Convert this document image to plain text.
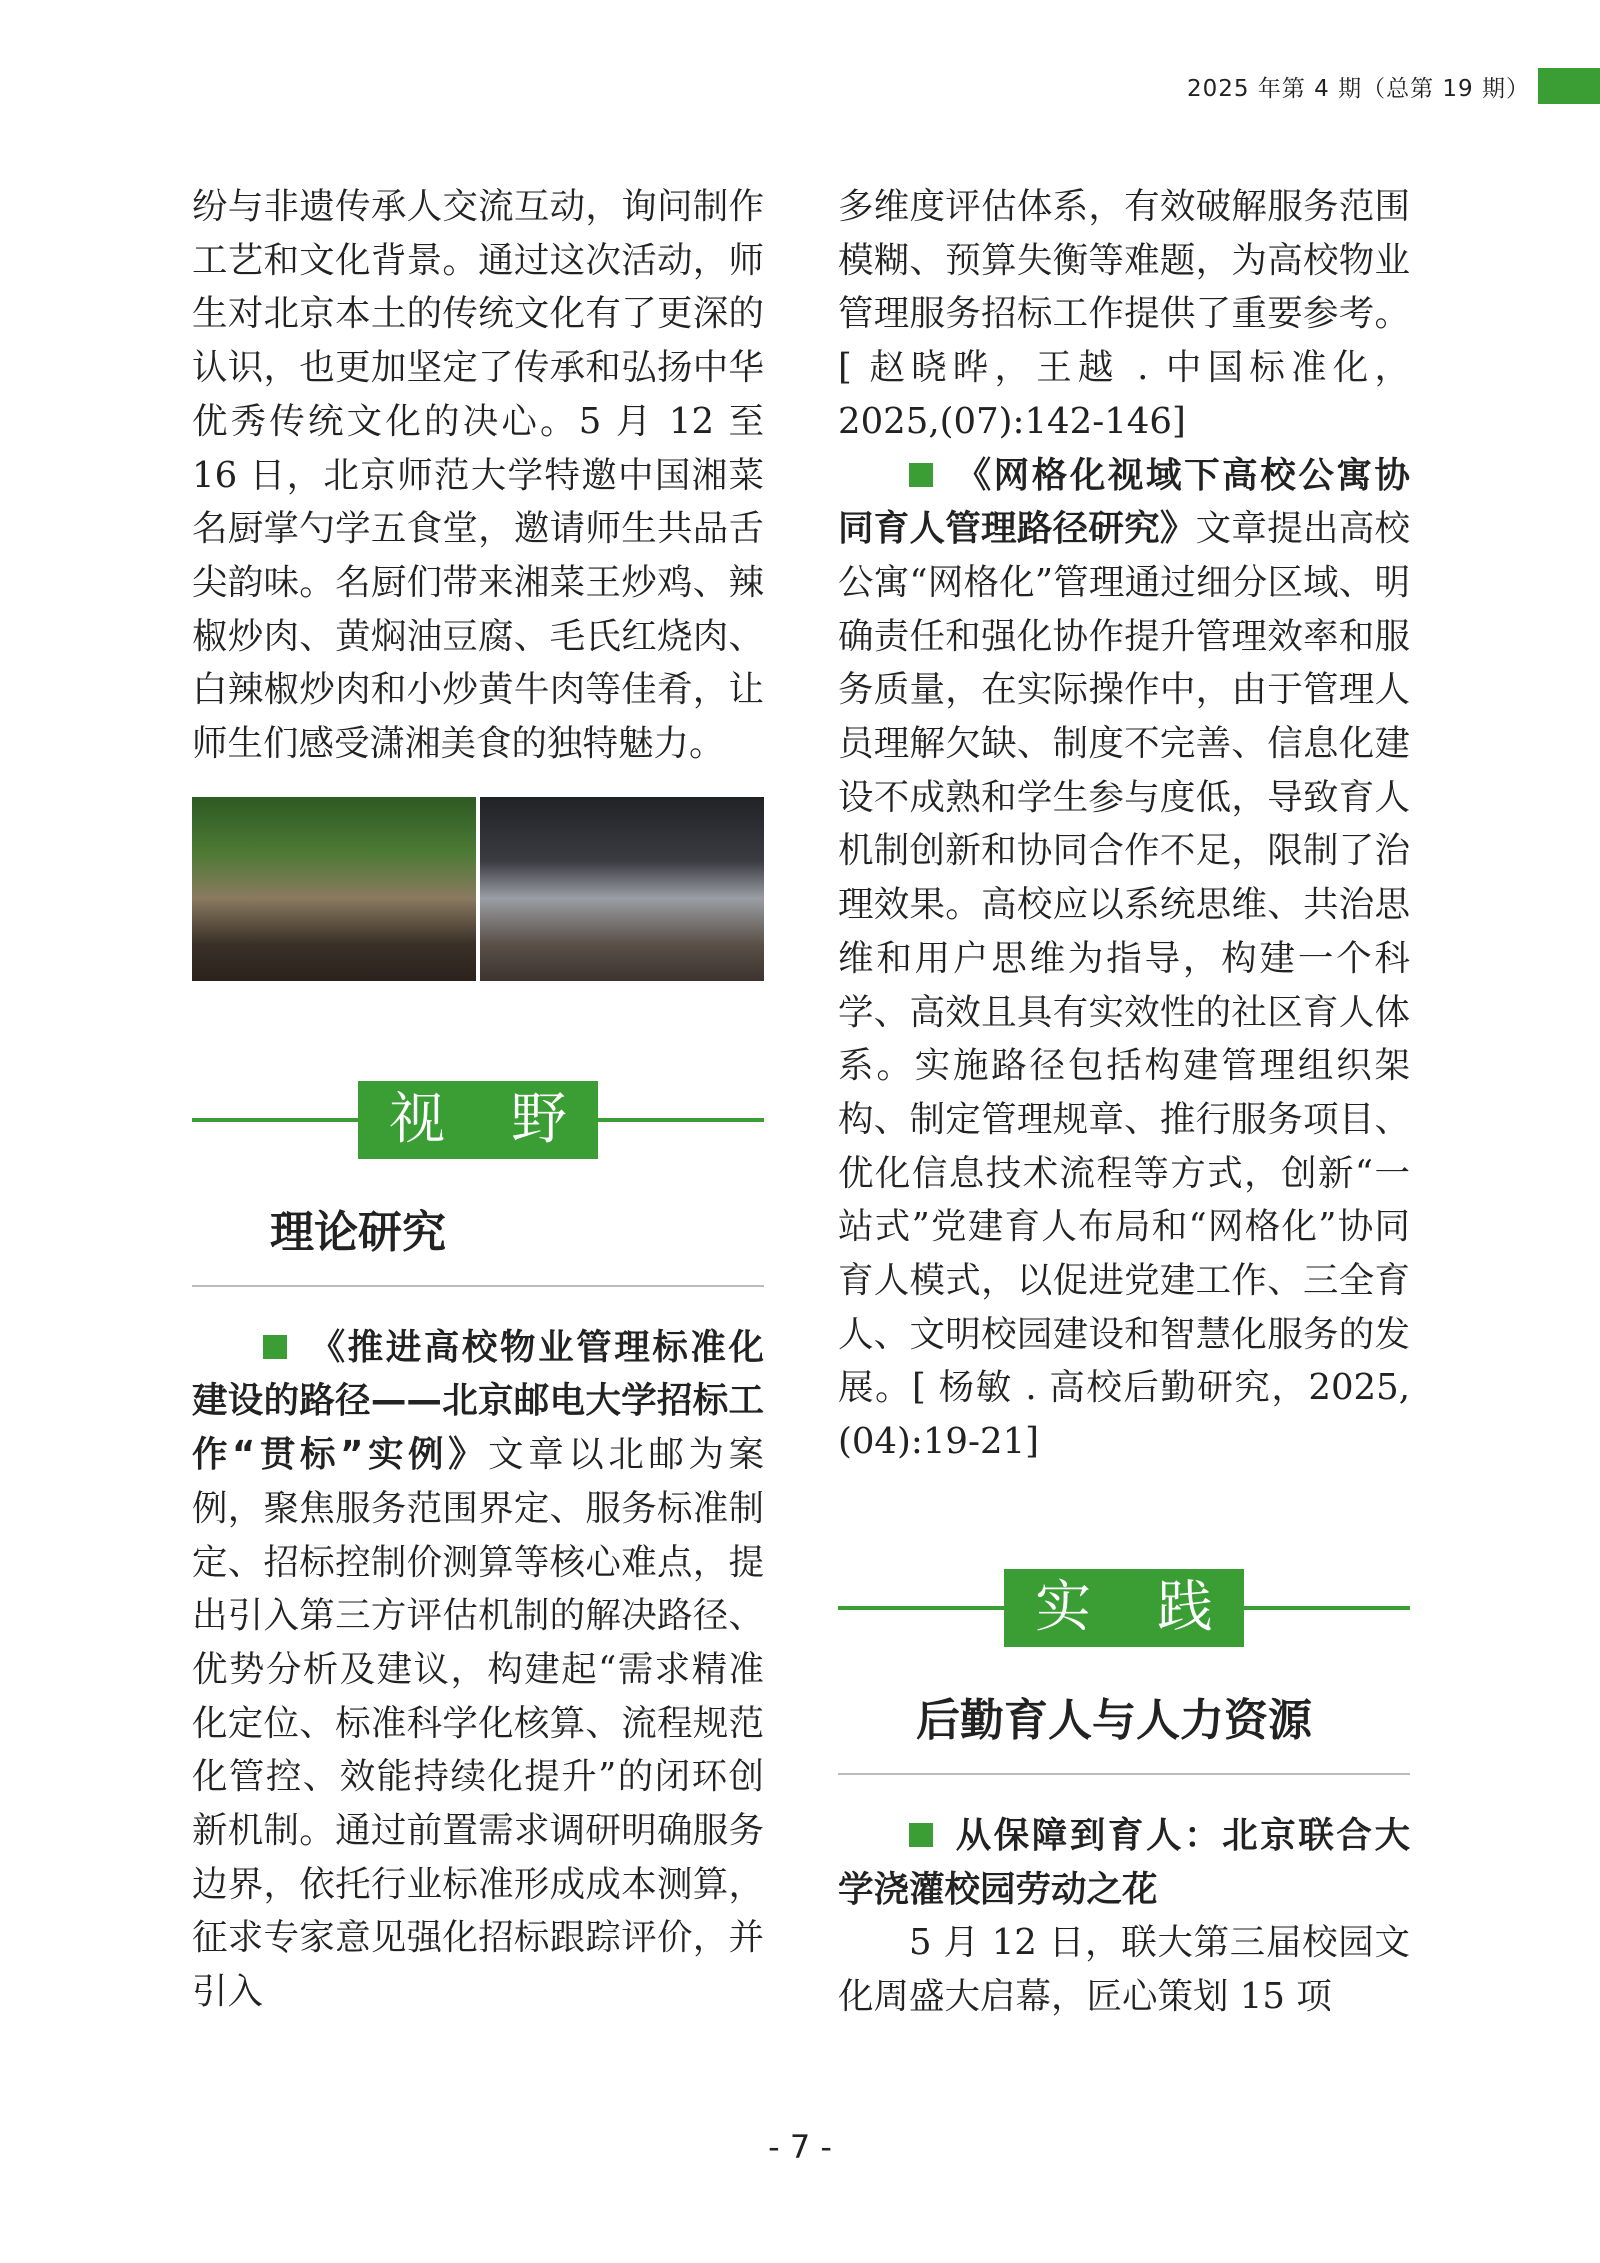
2025 年第 4 期（总第 19 期）

纷与非遗传承人交流互动，询问制作工艺和文化背景。通过这次活动，师生对北京本土的传统文化有了更深的认识，也更加坚定了传承和弘扬中华优秀传统文化的决心。5 月 12 至 16 日，北京师范大学特邀中国湘菜名厨掌勺学五食堂，邀请师生共品舌尖韵味。名厨们带来湘菜王炒鸡、辣椒炒肉、黄焖油豆腐、毛氏红烧肉、白辣椒炒肉和小炒黄牛肉等佳肴，让师生们感受潇湘美食的独特魅力。

视 野
理论研究

《推进高校物业管理标准化建设的路径——北京邮电大学招标工作“贯标”实例》文章以北邮为案例，聚焦服务范围界定、服务标准制定、招标控制价测算等核心难点，提出引入第三方评估机制的解决路径、优势分析及建议，构建起“需求精准化定位、标准科学化核算、流程规范化管控、效能持续化提升”的闭环创新机制。通过前置需求调研明确服务边界，依托行业标准形成成本测算，征求专家意见强化招标跟踪评价，并引入

多维度评估体系，有效破解服务范围模糊、预算失衡等难题，为高校物业管理服务招标工作提供了重要参考。[ 赵晓晔，王越 . 中国标准化，2025,(07):142-146]

《网格化视域下高校公寓协同育人管理路径研究》文章提出高校公寓“网格化”管理通过细分区域、明确责任和强化协作提升管理效率和服务质量，在实际操作中，由于管理人员理解欠缺、制度不完善、信息化建设不成熟和学生参与度低，导致育人机制创新和协同合作不足，限制了治理效果。高校应以系统思维、共治思维和用户思维为指导，构建一个科学、高效且具有实效性的社区育人体系。实施路径包括构建管理组织架构、制定管理规章、推行服务项目、优化信息技术流程等方式，创新“一站式”党建育人布局和“网格化”协同育人模式，以促进党建工作、三全育人、文明校园建设和智慧化服务的发展。[ 杨敏 . 高校后勤研究，2025,(04):19-21]

实 践
后勤育人与人力资源

从保障到育人：北京联合大学浇灌校园劳动之花

5 月 12 日，联大第三届校园文化周盛大启幕，匠心策划 15 项

- 7 -
